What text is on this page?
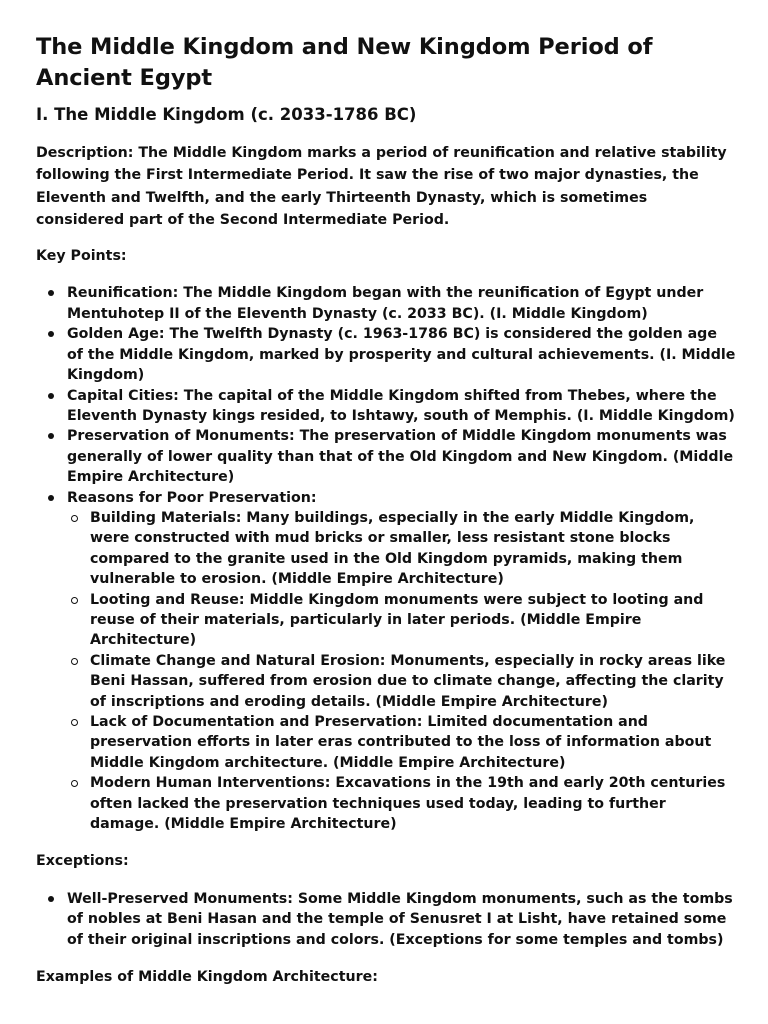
The Middle Kingdom and New Kingdom Period of Ancient Egypt
I. The Middle Kingdom (c. 2033-1786 BC)

Description: The Middle Kingdom marks a period of reunification and relative stability following the First Intermediate Period. It saw the rise of two major dynasties, the Eleventh and Twelfth, and the early Thirteenth Dynasty, which is sometimes considered part of the Second Intermediate Period.

Key Points:

Reunification: The Middle Kingdom began with the reunification of Egypt under Mentuhotep II of the Eleventh Dynasty (c. 2033 BC). (I. Middle Kingdom)
Golden Age: The Twelfth Dynasty (c. 1963-1786 BC) is considered the golden age of the Middle Kingdom, marked by prosperity and cultural achievements. (I. Middle Kingdom)
Capital Cities: The capital of the Middle Kingdom shifted from Thebes, where the Eleventh Dynasty kings resided, to Ishtawy, south of Memphis. (I. Middle Kingdom)
Preservation of Monuments: The preservation of Middle Kingdom monuments was generally of lower quality than that of the Old Kingdom and New Kingdom. (Middle Empire Architecture)
Reasons for Poor Preservation:
Building Materials: Many buildings, especially in the early Middle Kingdom, were constructed with mud bricks or smaller, less resistant stone blocks compared to the granite used in the Old Kingdom pyramids, making them vulnerable to erosion. (Middle Empire Architecture)
Looting and Reuse: Middle Kingdom monuments were subject to looting and reuse of their materials, particularly in later periods. (Middle Empire Architecture)
Climate Change and Natural Erosion: Monuments, especially in rocky areas like Beni Hassan, suffered from erosion due to climate change, affecting the clarity of inscriptions and eroding details. (Middle Empire Architecture)
Lack of Documentation and Preservation: Limited documentation and preservation efforts in later eras contributed to the loss of information about Middle Kingdom architecture. (Middle Empire Architecture)
Modern Human Interventions: Excavations in the 19th and early 20th centuries often lacked the preservation techniques used today, leading to further damage. (Middle Empire Architecture)

Exceptions:

Well-Preserved Monuments: Some Middle Kingdom monuments, such as the tombs of nobles at Beni Hasan and the temple of Senusret I at Lisht, have retained some of their original inscriptions and colors. (Exceptions for some temples and tombs)

Examples of Middle Kingdom Architecture:
